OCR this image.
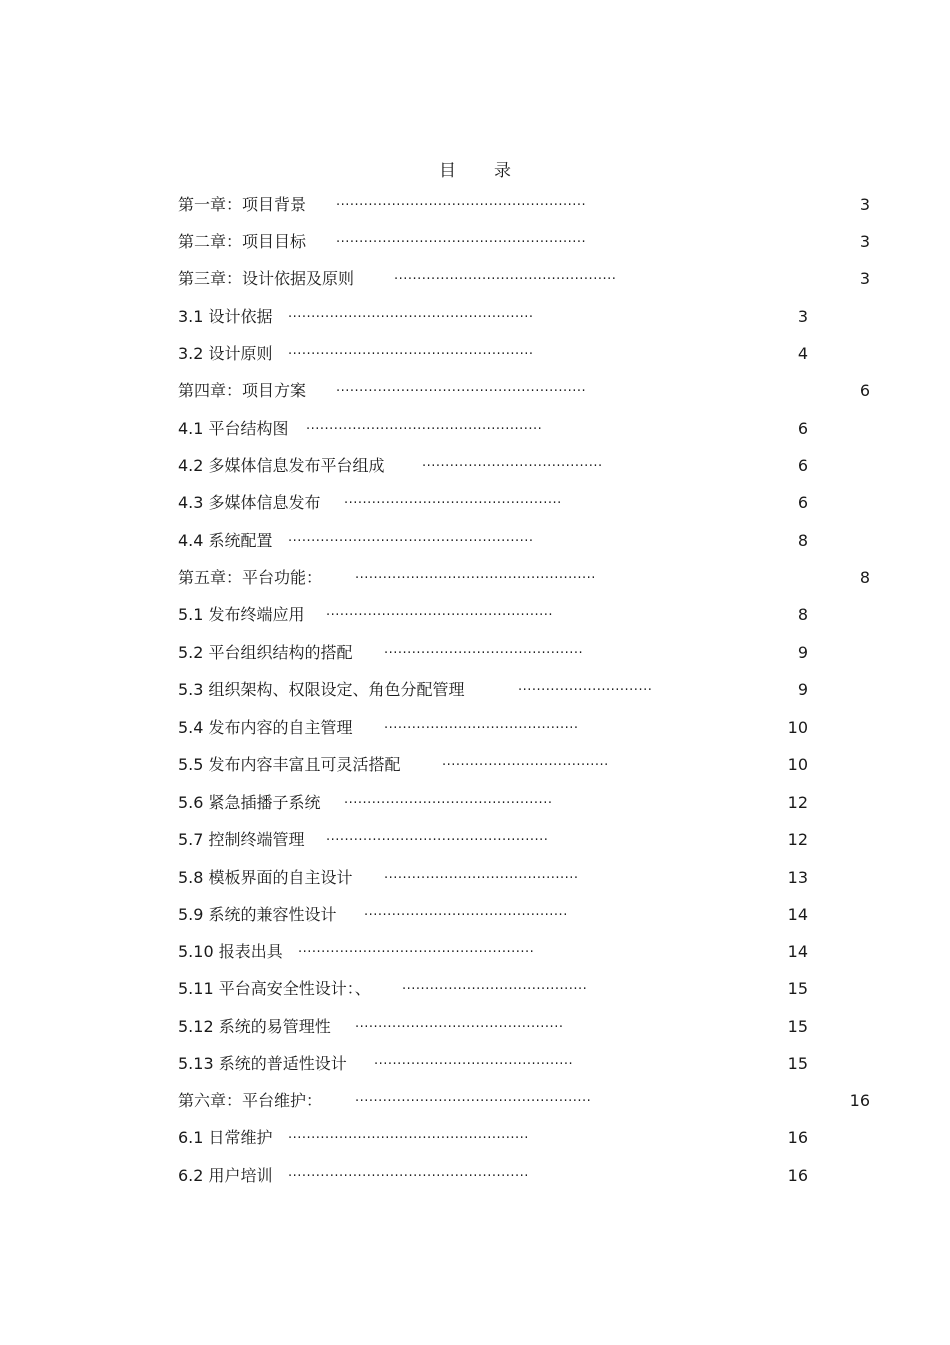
目 录
第一章：项目背景 ......................................................	3
第二章：项目目标 ......................................................	3
第三章：设计依据及原则	................................................	3
3.1 设计依据 .....................................................	3
3.2 设计原则 .....................................................	4
第四章：项目方案 ......................................................	6
4.1 平台结构图 ...................................................	6
4.2 多媒体信息发布平台组成	.......................................	6
4.3 多媒体信息发布 ...............................................	6
4.4 系统配置 .....................................................	8
第五章：平台功能：	....................................................	8
5.1 发布终端应用 .................................................	8
5.2 平台组织结构的搭配 ...........................................	9
5.3 组织架构、权限设定、角色分配管理	.............................	9
5.4 发布内容的自主管理 ..........................................	10
5.5 发布内容丰富且可灵活搭配	....................................	10
5.6 紧急插播子系统 .............................................	12
5.7 控制终端管理 ................................................	12
5.8 模板界面的自主设计 ..........................................	13
5.9 系统的兼容性设计 ............................................	14
5.10 报表出具 ...................................................	14
5.11 平台高安全性设计：、 ........................................	15
5.12 系统的易管理性 .............................................	15
5.13 系统的普适性设计 ...........................................	15
第六章：平台维护：	...................................................	16
6.1 日常维护 ....................................................	16
6.2 用户培训 ....................................................	16
